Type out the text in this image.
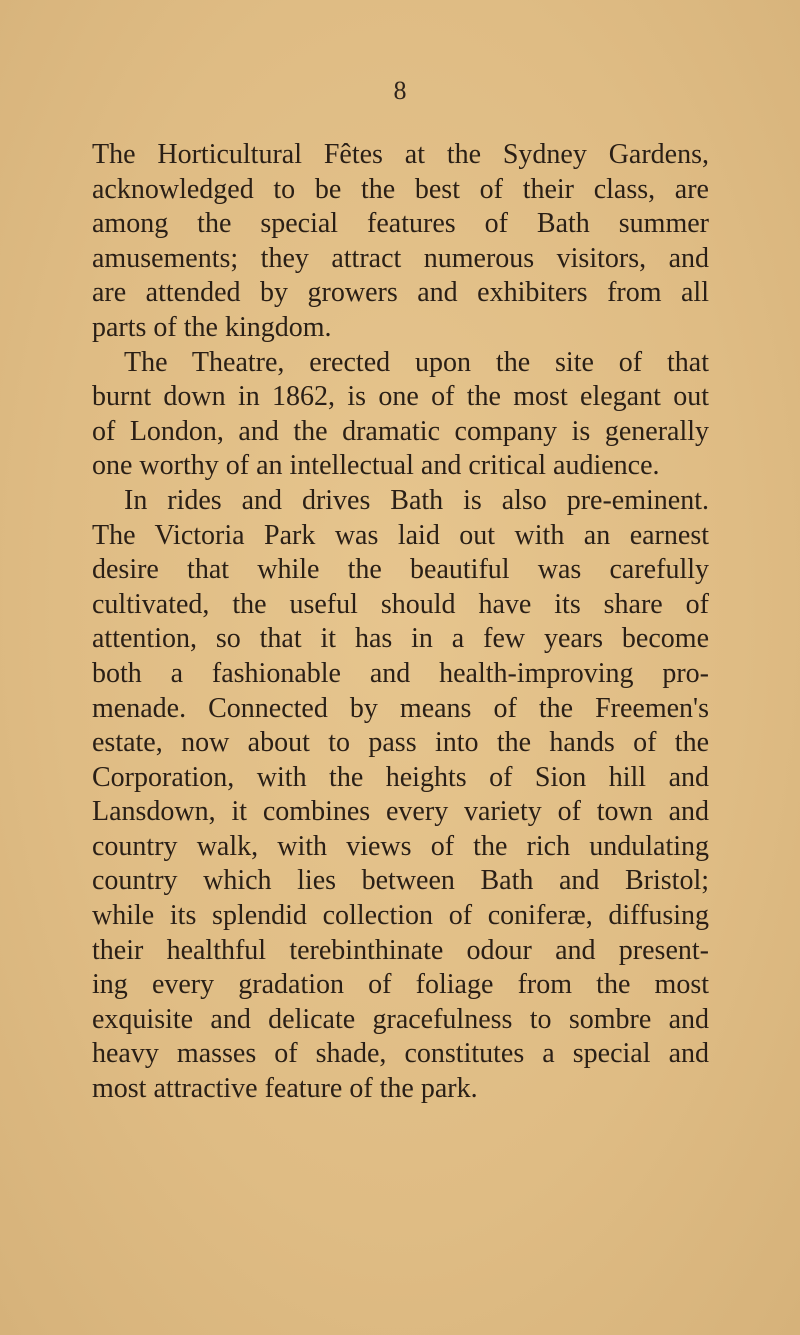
8
The Horticultural Fêtes at the Sydney Gardens,
acknowledged to be the best of their class, are
among the special features of Bath summer
amusements; they attract numerous visitors, and
are attended by growers and exhibiters from all
parts of the kingdom.
The Theatre, erected upon the site of that
burnt down in 1862, is one of the most elegant out
of London, and the dramatic company is generally
one worthy of an intellectual and critical audience.
In rides and drives Bath is also pre-eminent.
The Victoria Park was laid out with an earnest
desire that while the beautiful was carefully
cultivated, the useful should have its share of
attention, so that it has in a few years become
both a fashionable and health-improving pro-
menade. Connected by means of the Freemen's
estate, now about to pass into the hands of the
Corporation, with the heights of Sion hill and
Lansdown, it combines every variety of town and
country walk, with views of the rich undulating
country which lies between Bath and Bristol;
while its splendid collection of coniferæ, diffusing
their healthful terebinthinate odour and present-
ing every gradation of foliage from the most
exquisite and delicate gracefulness to sombre and
heavy masses of shade, constitutes a special and
most attractive feature of the park.
